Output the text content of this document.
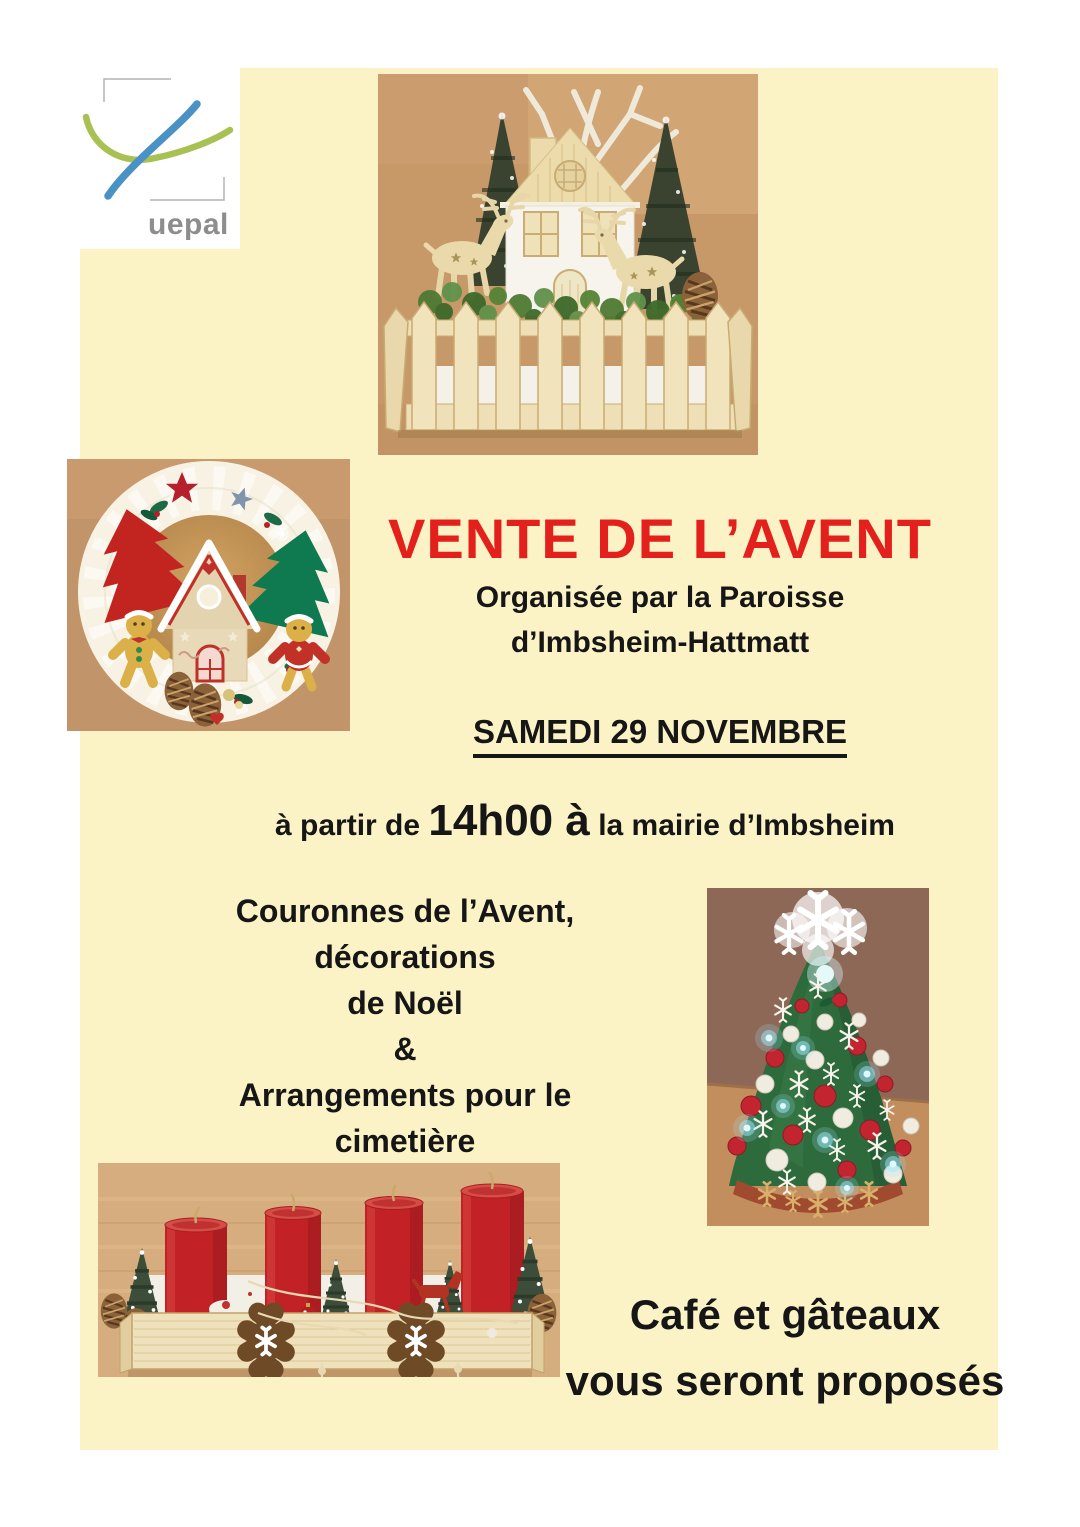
uepal
VENTE DE L’AVENT

Organisée par la Paroisse

d’Imbsheim-Hattmatt

SAMEDI 29 NOVEMBRE

à partir de 14h00 à la mairie d’Imbsheim

Couronnes de l’Avent,
décorations
de Noël
&
Arrangements pour le
cimetière
Café et gâteaux
vous seront proposés
